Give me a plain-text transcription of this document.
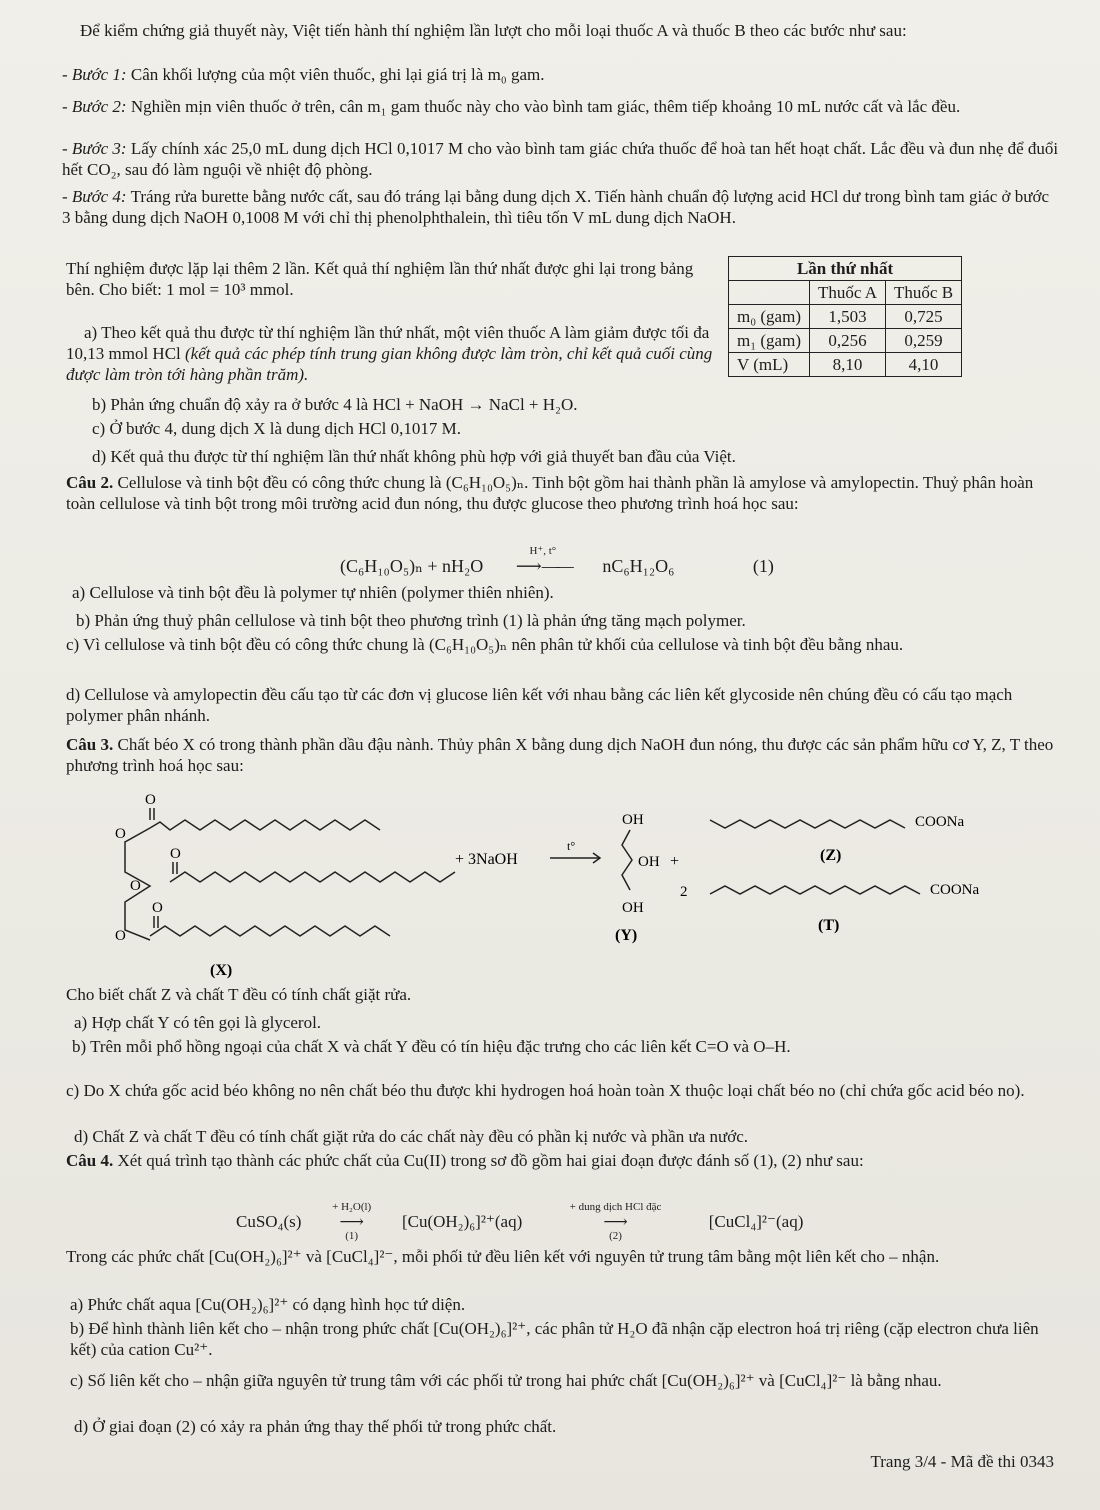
Để kiểm chứng giả thuyết này, Việt tiến hành thí nghiệm lần lượt cho mỗi loại thuốc A và thuốc B theo các bước như sau:
- Bước 1: Cân khối lượng của một viên thuốc, ghi lại giá trị là m₀ gam.
- Bước 2: Nghiền mịn viên thuốc ở trên, cân m₁ gam thuốc này cho vào bình tam giác, thêm tiếp khoảng 10 mL nước cất và lắc đều.
- Bước 3: Lấy chính xác 25,0 mL dung dịch HCl 0,1017 M cho vào bình tam giác chứa thuốc để hoà tan hết hoạt chất. Lắc đều và đun nhẹ để đuổi hết CO₂, sau đó làm nguội về nhiệt độ phòng.
- Bước 4: Tráng rửa burette bằng nước cất, sau đó tráng lại bằng dung dịch X. Tiến hành chuẩn độ lượng acid HCl dư trong bình tam giác ở bước 3 bằng dung dịch NaOH 0,1008 M với chỉ thị phenolphthalein, thì tiêu tốn V mL dung dịch NaOH.
Thí nghiệm được lặp lại thêm 2 lần. Kết quả thí nghiệm lần thứ nhất được ghi lại trong bảng bên. Cho biết: 1 mol = 10³ mmol.
Lần thứ nhất		
	Thuốc A	Thuốc B
m₀ (gam)	1,503	0,725
m₁ (gam)	0,256	0,259
V (mL)	8,10	4,10
a) Theo kết quả thu được từ thí nghiệm lần thứ nhất, một viên thuốc A làm giảm được tối đa 10,13 mmol HCl (kết quả các phép tính trung gian không được làm tròn, chỉ kết quả cuối cùng được làm tròn tới hàng phần trăm).
b) Phản ứng chuẩn độ xảy ra ở bước 4 là HCl + NaOH → NaCl + H₂O.
c) Ở bước 4, dung dịch X là dung dịch HCl 0,1017 M.
d) Kết quả thu được từ thí nghiệm lần thứ nhất không phù hợp với giả thuyết ban đầu của Việt.
Câu 2. Cellulose và tinh bột đều có công thức chung là (C₆H₁₀O₅)ₙ. Tinh bột gồm hai thành phần là amylose và amylopectin. Thuỷ phân hoàn toàn cellulose và tinh bột trong môi trường acid đun nóng, thu được glucose theo phương trình hoá học sau:
(C₆H₁₀O₅)ₙ + nH₂O
H⁺, t°
⟶—— nC₆H₁₂O₆	(1)
a) Cellulose và tinh bột đều là polymer tự nhiên (polymer thiên nhiên).
b) Phản ứng thuỷ phân cellulose và tinh bột theo phương trình (1) là phản ứng tăng mạch polymer.
c) Vì cellulose và tinh bột đều có công thức chung là (C₆H₁₀O₅)ₙ nên phân tử khối của cellulose và tinh bột đều bằng nhau.
d) Cellulose và amylopectin đều cấu tạo từ các đơn vị glucose liên kết với nhau bằng các liên kết glycoside nên chúng đều có cấu tạo mạch polymer phân nhánh.
Câu 3. Chất béo X có trong thành phần dầu đậu nành. Thủy phân X bằng dung dịch NaOH đun nóng, thu được các sản phẩm hữu cơ Y, Z, T theo phương trình hoá học sau:
O
O
O
O
O
O
+ 3NaOH
t°
OH
OH
OH
+
2
COONa
COONa
(Z)
(T)
(Y)
(X)
Cho biết chất Z và chất T đều có tính chất giặt rửa.
a) Hợp chất Y có tên gọi là glycerol.
b) Trên mỗi phổ hồng ngoại của chất X và chất Y đều có tín hiệu đặc trưng cho các liên kết C=O và O–H.
c) Do X chứa gốc acid béo không no nên chất béo thu được khi hydrogen hoá hoàn toàn X thuộc loại chất béo no (chỉ chứa gốc acid béo no).
d) Chất Z và chất T đều có tính chất giặt rửa do các chất này đều có phần kị nước và phần ưa nước.
Câu 4. Xét quá trình tạo thành các phức chất của Cu(II) trong sơ đồ gồm hai giai đoạn được đánh số (1), (2) như sau:
CuSO₄(s)
+ H₂O(l)
⟶
(1)
[Cu(OH₂)₆]²⁺(aq)
+ dung dịch HCl đặc
⟶
(2)
[CuCl₄]²⁻(aq)
Trong các phức chất [Cu(OH₂)₆]²⁺ và [CuCl₄]²⁻, mỗi phối tử đều liên kết với nguyên tử trung tâm bằng một liên kết cho – nhận.
a) Phức chất aqua [Cu(OH₂)₆]²⁺ có dạng hình học tứ diện.
b) Để hình thành liên kết cho – nhận trong phức chất [Cu(OH₂)₆]²⁺, các phân tử H₂O đã nhận cặp electron hoá trị riêng (cặp electron chưa liên kết) của cation Cu²⁺.
c) Số liên kết cho – nhận giữa nguyên tử trung tâm với các phối tử trong hai phức chất [Cu(OH₂)₆]²⁺ và [CuCl₄]²⁻ là bằng nhau.
d) Ở giai đoạn (2) có xảy ra phản ứng thay thế phối tử trong phức chất.
Trang 3/4 - Mã đề thi 0343
